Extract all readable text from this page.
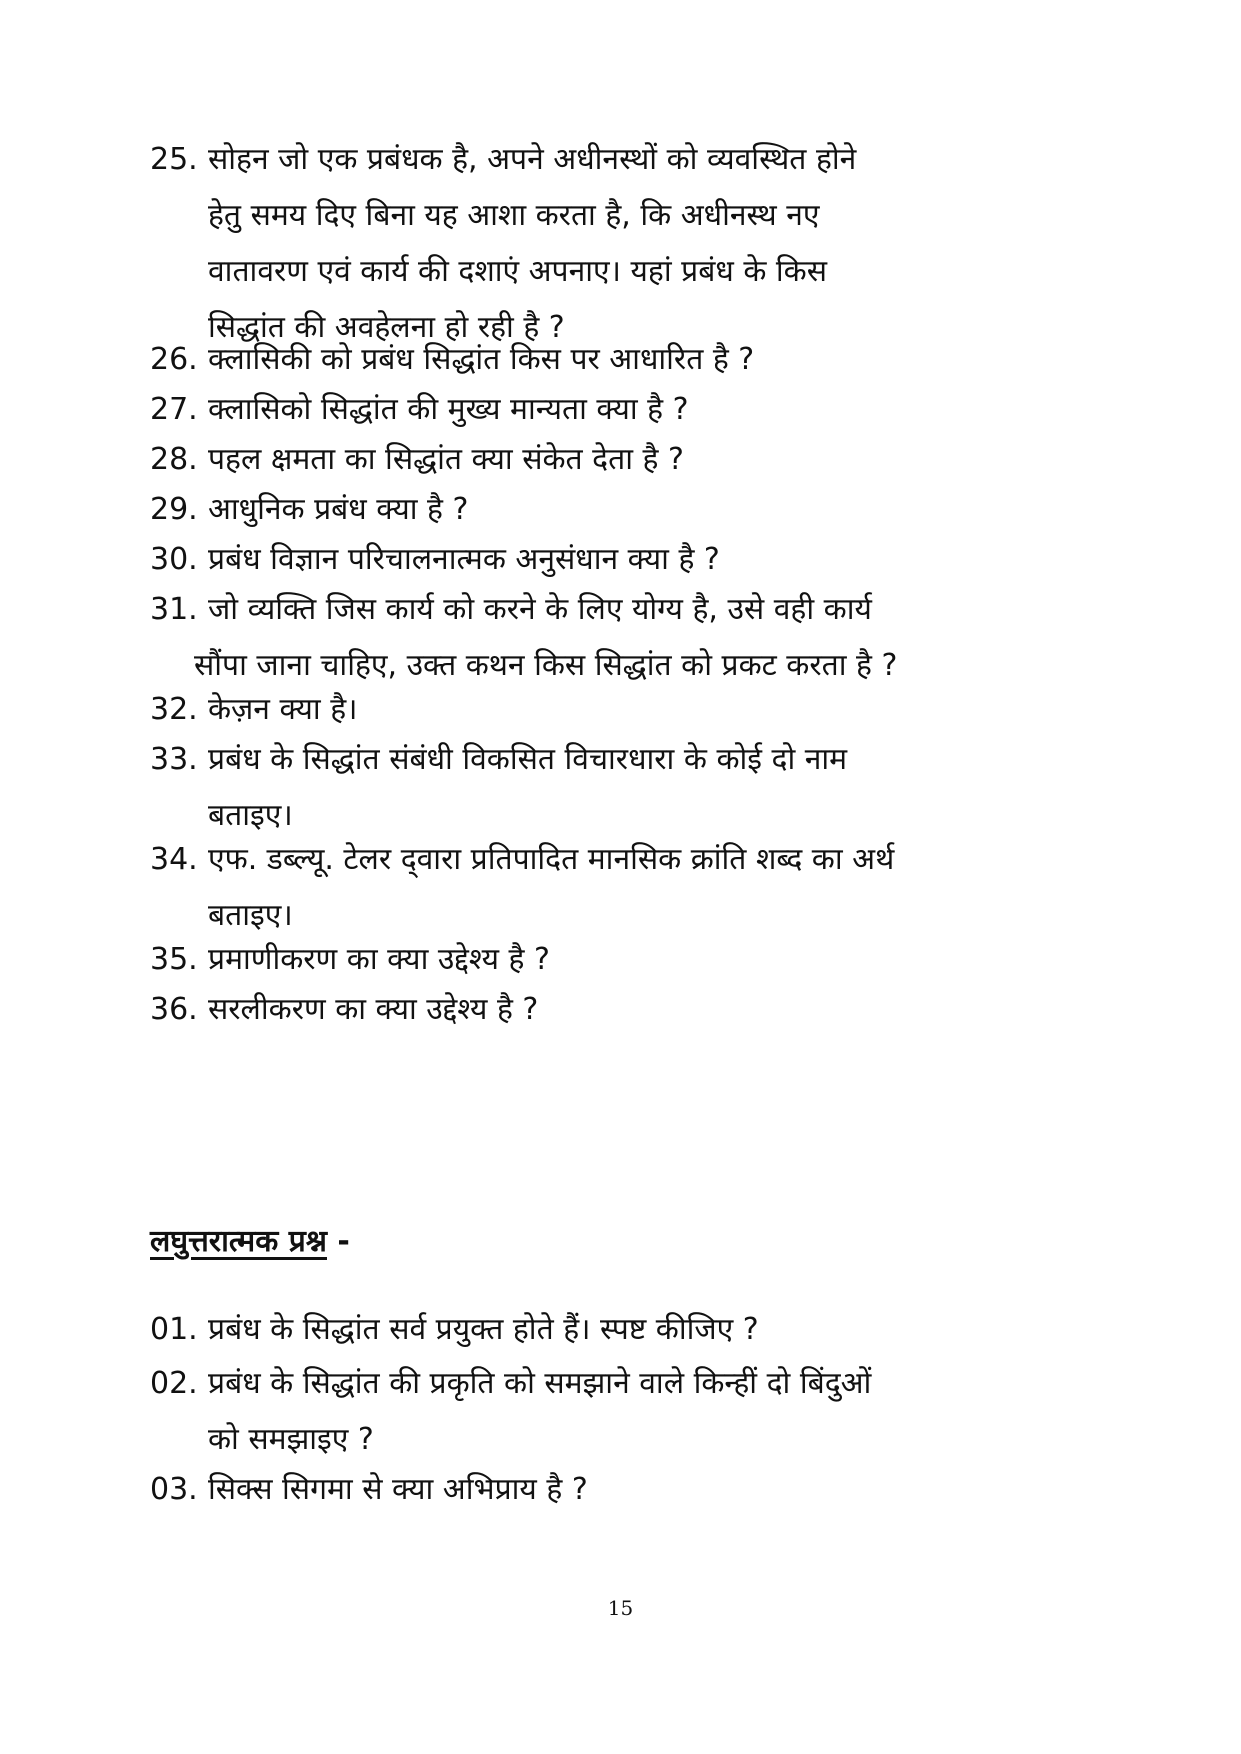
25. सोहन जो एक प्रबंधक है, अपने अधीनस्थों को व्यवस्थित होने
हेतु समय दिए बिना यह आशा करता है, कि अधीनस्थ नए
वातावरण एवं कार्य की दशाएं अपनाए। यहां प्रबंध के किस
सिद्धांत की अवहेलना हो रही है ?
26. क्लासिकी को प्रबंध सिद्धांत किस पर आधारित है ?
27. क्लासिको सिद्धांत की मुख्य मान्यता क्या है ?
28. पहल क्षमता का सिद्धांत क्या संकेत देता है ?
29. आधुनिक प्रबंध क्या है ?
30. प्रबंध विज्ञान परिचालनात्मक अनुसंधान क्या है ?
31. जो व्यक्ति जिस कार्य को करने के लिए योग्य है, उसे वही कार्य
सौंपा जाना चाहिए, उक्त कथन किस सिद्धांत को प्रकट करता है ?
32. केज़न क्या है।
33. प्रबंध के सिद्धांत संबंधी विकसित विचारधारा के कोई दो नाम
बताइए।
34. एफ. डब्ल्यू. टेलर द्‌वारा प्रतिपादित मानसिक क्रांति शब्द का अर्थ
बताइए।
35. प्रमाणीकरण का क्या उद्देश्य है ?
36. सरलीकरण का क्या उद्देश्य है ?
लघुत्तरात्मक प्रश्न -
01. प्रबंध के सिद्धांत सर्व प्रयुक्त होते हैं। स्पष्ट कीजिए ?
02. प्रबंध के सिद्धांत की प्रकृति को समझाने वाले किन्हीं दो बिंदुओं
को समझाइए ?
03. सिक्स सिगमा से क्या अभिप्राय है ?
15
